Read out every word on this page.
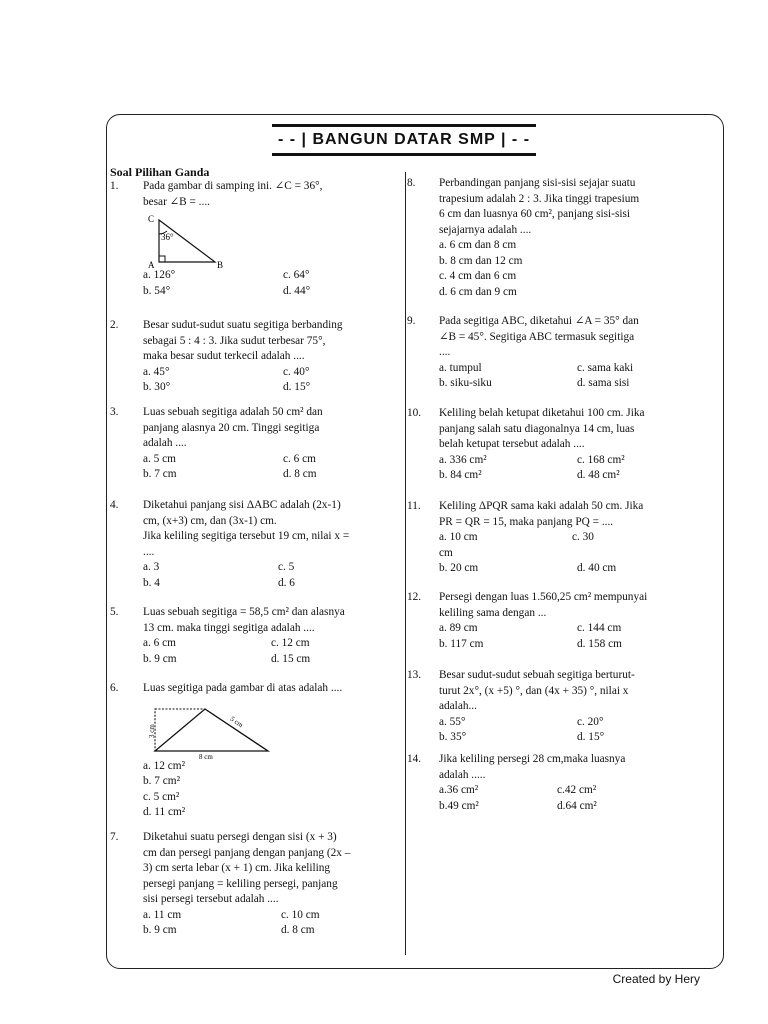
- - | BANGUN DATAR SMP | - -
Soal Pilihan Ganda
1. Pada gambar di samping ini. ∠C = 36°,
besar ∠B = ....
C
A	B
36°
a. 126°	c. 64°
b. 54°	d. 44°
2. Besar sudut-sudut suatu segitiga berbanding
sebagai 5 : 4 : 3. Jika sudut terbesar 75°,
maka besar sudut terkecil adalah ....
a. 45°	c. 40°
b. 30°	d. 15°
3. Luas sebuah segitiga adalah 50 cm² dan
panjang alasnya 20 cm. Tinggi segitiga
adalah ....
a. 5 cm	c. 6 cm
b. 7 cm	d. 8 cm
4. Diketahui panjang sisi ΔABC adalah (2x-1)
cm, (x+3) cm, dan (3x-1) cm.
Jika keliling segitiga tersebut 19 cm, nilai x =
....
a. 3	c. 5
b. 4	d. 6
5. Luas sebuah segitiga = 58,5 cm² dan alasnya
13 cm. maka tinggi segitiga adalah ....
a. 6 cm	c. 12 cm
b. 9 cm	d. 15 cm
6. Luas segitiga pada gambar di atas adalah ....
3 cm
5 cm
8 cm
a. 12 cm²
b. 7 cm²
c. 5 cm²
d. 11 cm²
7. Diketahui suatu persegi dengan sisi (x + 3)
cm dan persegi panjang dengan panjang (2x –
3) cm serta lebar (x + 1) cm. Jika keliling
persegi panjang = keliling persegi, panjang
sisi persegi tersebut adalah ....
a. 11 cm	c. 10 cm
b. 9 cm	d. 8 cm
8. Perbandingan panjang sisi-sisi sejajar suatu
trapesium adalah 2 : 3. Jika tinggi trapesium
6 cm dan luasnya 60 cm², panjang sisi-sisi
sejajarnya adalah ....
a. 6 cm dan 8 cm
b. 8 cm dan 12 cm
c. 4 cm dan 6 cm
d. 6 cm dan 9 cm
9. Pada segitiga ABC, diketahui ∠A = 35° dan
∠B = 45°. Segitiga ABC termasuk segitiga
....
a. tumpul	c. sama kaki
b. siku-siku	d. sama sisi
10. Keliling belah ketupat diketahui 100 cm. Jika
panjang salah satu diagonalnya 14 cm, luas
belah ketupat tersebut adalah ....
a. 336 cm²	c. 168 cm²
b. 84 cm²	d. 48 cm²
11. Keliling ΔPQR sama kaki adalah 50 cm. Jika
PR = QR = 15, maka panjang PQ = ....
a. 10 cm	c. 30
cm
b. 20 cm	d. 40 cm
12. Persegi dengan luas 1.560,25 cm² mempunyai
keliling sama dengan ...
a. 89 cm	c. 144 cm
b. 117 cm	d. 158 cm
13. Besar sudut-sudut sebuah segitiga berturut-
turut 2x°, (x +5) °, dan (4x + 35) °, nilai x
adalah...
a. 55°	c. 20°
b. 35°	d. 15°
14. Jika keliling persegi 28 cm,maka luasnya
adalah .....
a.36 cm²	c.42 cm²
b.49 cm²	d.64 cm²
Created by Hery
